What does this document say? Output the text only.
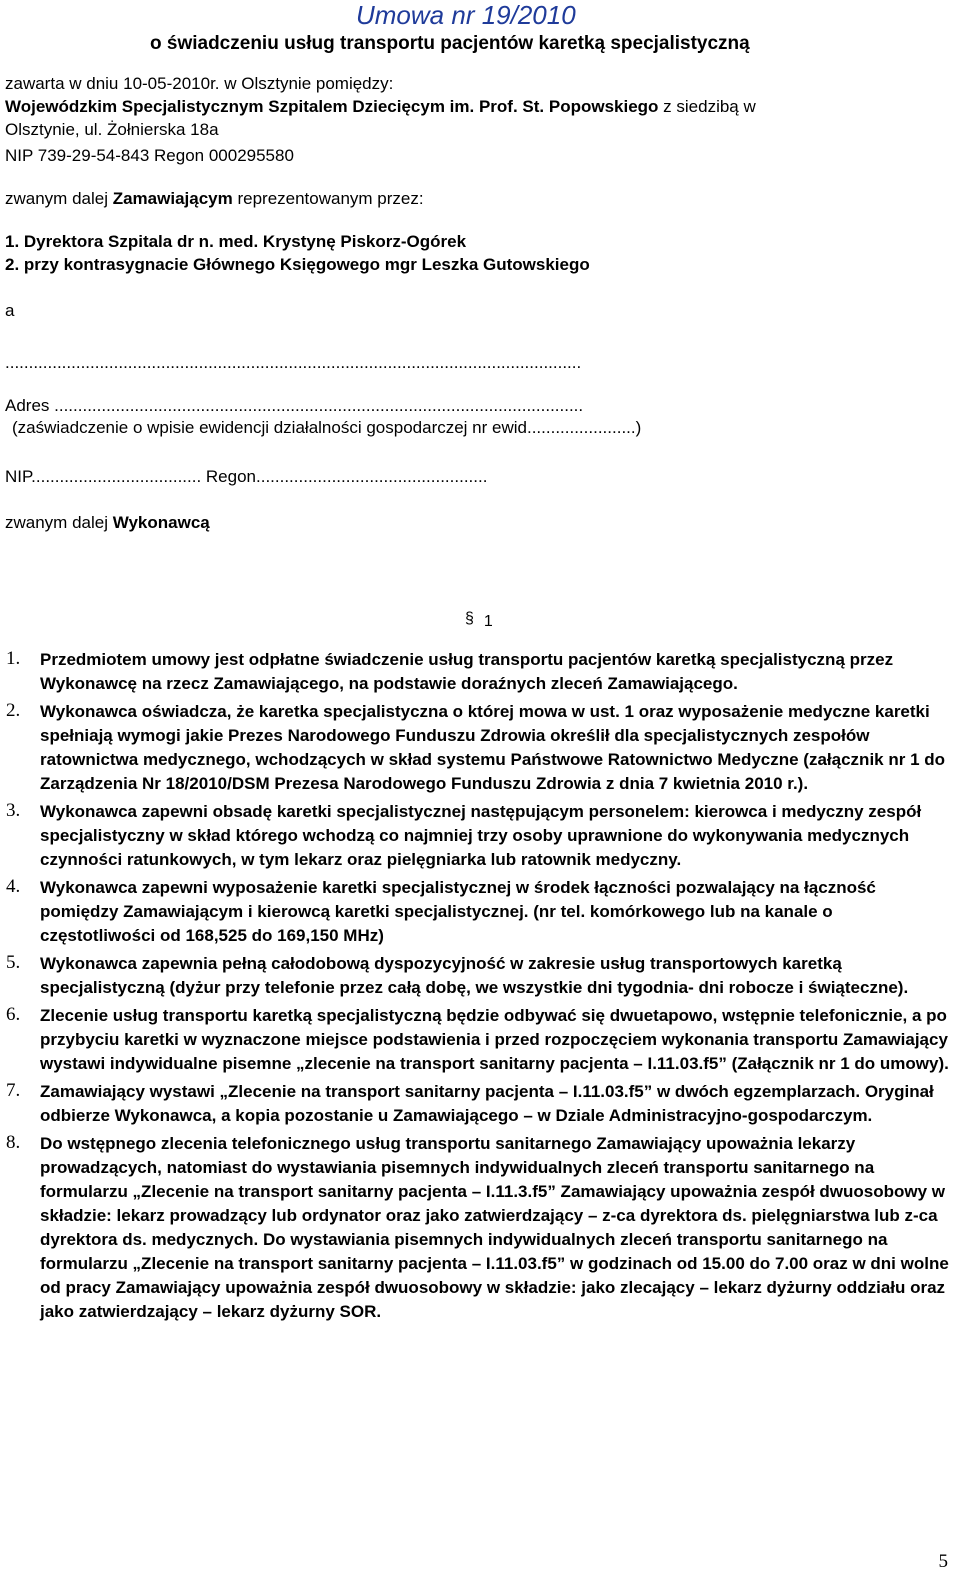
Umowa nr 19/2010
o świadczeniu usług transportu pacjentów karetką specjalistyczną
zawarta w dniu 10-05-2010r. w Olsztynie pomiędzy:
Wojewódzkim Specjalistycznym Szpitalem Dziecięcym im. Prof. St. Popowskiego z siedzibą w
Olsztynie, ul. Żołnierska 18a
NIP 739-29-54-843 Regon 000295580
zwanym dalej Zamawiającym reprezentowanym przez:
1. Dyrektora Szpitala dr n. med. Krystynę Piskorz-Ogórek
2. przy kontrasygnacie Głównego Księgowego mgr Leszka Gutowskiego
a
..........................................................................................................................
Adres ................................................................................................................
(zaświadczenie o wpisie ewidencji działalności gospodarczej nr ewid.......................)
NIP.................................... Regon.................................................
zwanym dalej Wykonawcą
§ 1
1. Przedmiotem umowy jest odpłatne świadczenie usług transportu pacjentów karetką specjalistyczną przez Wykonawcę na rzecz Zamawiającego, na podstawie doraźnych zleceń Zamawiającego.
2. Wykonawca oświadcza, że karetka specjalistyczna o której mowa w ust. 1 oraz wyposażenie medyczne karetki spełniają wymogi jakie Prezes Narodowego Funduszu Zdrowia określił dla specjalistycznych zespołów ratownictwa medycznego, wchodzących w skład systemu Państwowe Ratownictwo Medyczne (załącznik nr 1 do Zarządzenia Nr 18/2010/DSM Prezesa Narodowego Funduszu Zdrowia z dnia 7 kwietnia 2010 r.).
3. Wykonawca zapewni obsadę karetki specjalistycznej następującym personelem: kierowca i medyczny zespół specjalistyczny w skład którego wchodzą co najmniej trzy osoby uprawnione do wykonywania medycznych czynności ratunkowych, w tym lekarz oraz pielęgniarka lub ratownik medyczny.
4. Wykonawca zapewni wyposażenie karetki specjalistycznej w środek łączności pozwalający na łączność pomiędzy Zamawiającym i kierowcą karetki specjalistycznej. (nr tel. komórkowego lub na kanale o częstotliwości od 168,525 do 169,150 MHz)
5. Wykonawca zapewnia pełną całodobową dyspozycyjność w zakresie usług transportowych karetką specjalistyczną (dyżur przy telefonie przez całą dobę, we wszystkie dni tygodnia- dni robocze i świąteczne).
6. Zlecenie usług transportu karetką specjalistyczną będzie odbywać się dwuetapowo, wstępnie telefonicznie, a po przybyciu karetki w wyznaczone miejsce podstawienia i przed rozpoczęciem wykonania transportu Zamawiający wystawi indywidualne pisemne „zlecenie na transport sanitarny pacjenta – I.11.03.f5” (Załącznik nr 1 do umowy).
7. Zamawiający wystawi „Zlecenie na transport sanitarny pacjenta – I.11.03.f5” w dwóch egzemplarzach. Oryginał odbierze Wykonawca, a kopia pozostanie u Zamawiającego – w Dziale Administracyjno-gospodarczym.
8. Do wstępnego zlecenia telefonicznego usług transportu sanitarnego Zamawiający upoważnia lekarzy prowadzących, natomiast do wystawiania pisemnych indywidualnych zleceń transportu sanitarnego na formularzu „Zlecenie na transport sanitarny pacjenta – I.11.3.f5” Zamawiający upoważnia zespół dwuosobowy w składzie: lekarz prowadzący lub ordynator oraz jako zatwierdzający – z-ca dyrektora ds. pielęgniarstwa lub z-ca dyrektora ds. medycznych. Do wystawiania pisemnych indywidualnych zleceń transportu sanitarnego na formularzu „Zlecenie na transport sanitarny pacjenta – I.11.03.f5” w godzinach od 15.00 do 7.00 oraz w dni wolne od pracy Zamawiający upoważnia zespół dwuosobowy w składzie: jako zlecający – lekarz dyżurny oddziału oraz jako zatwierdzający – lekarz dyżurny SOR.
5
